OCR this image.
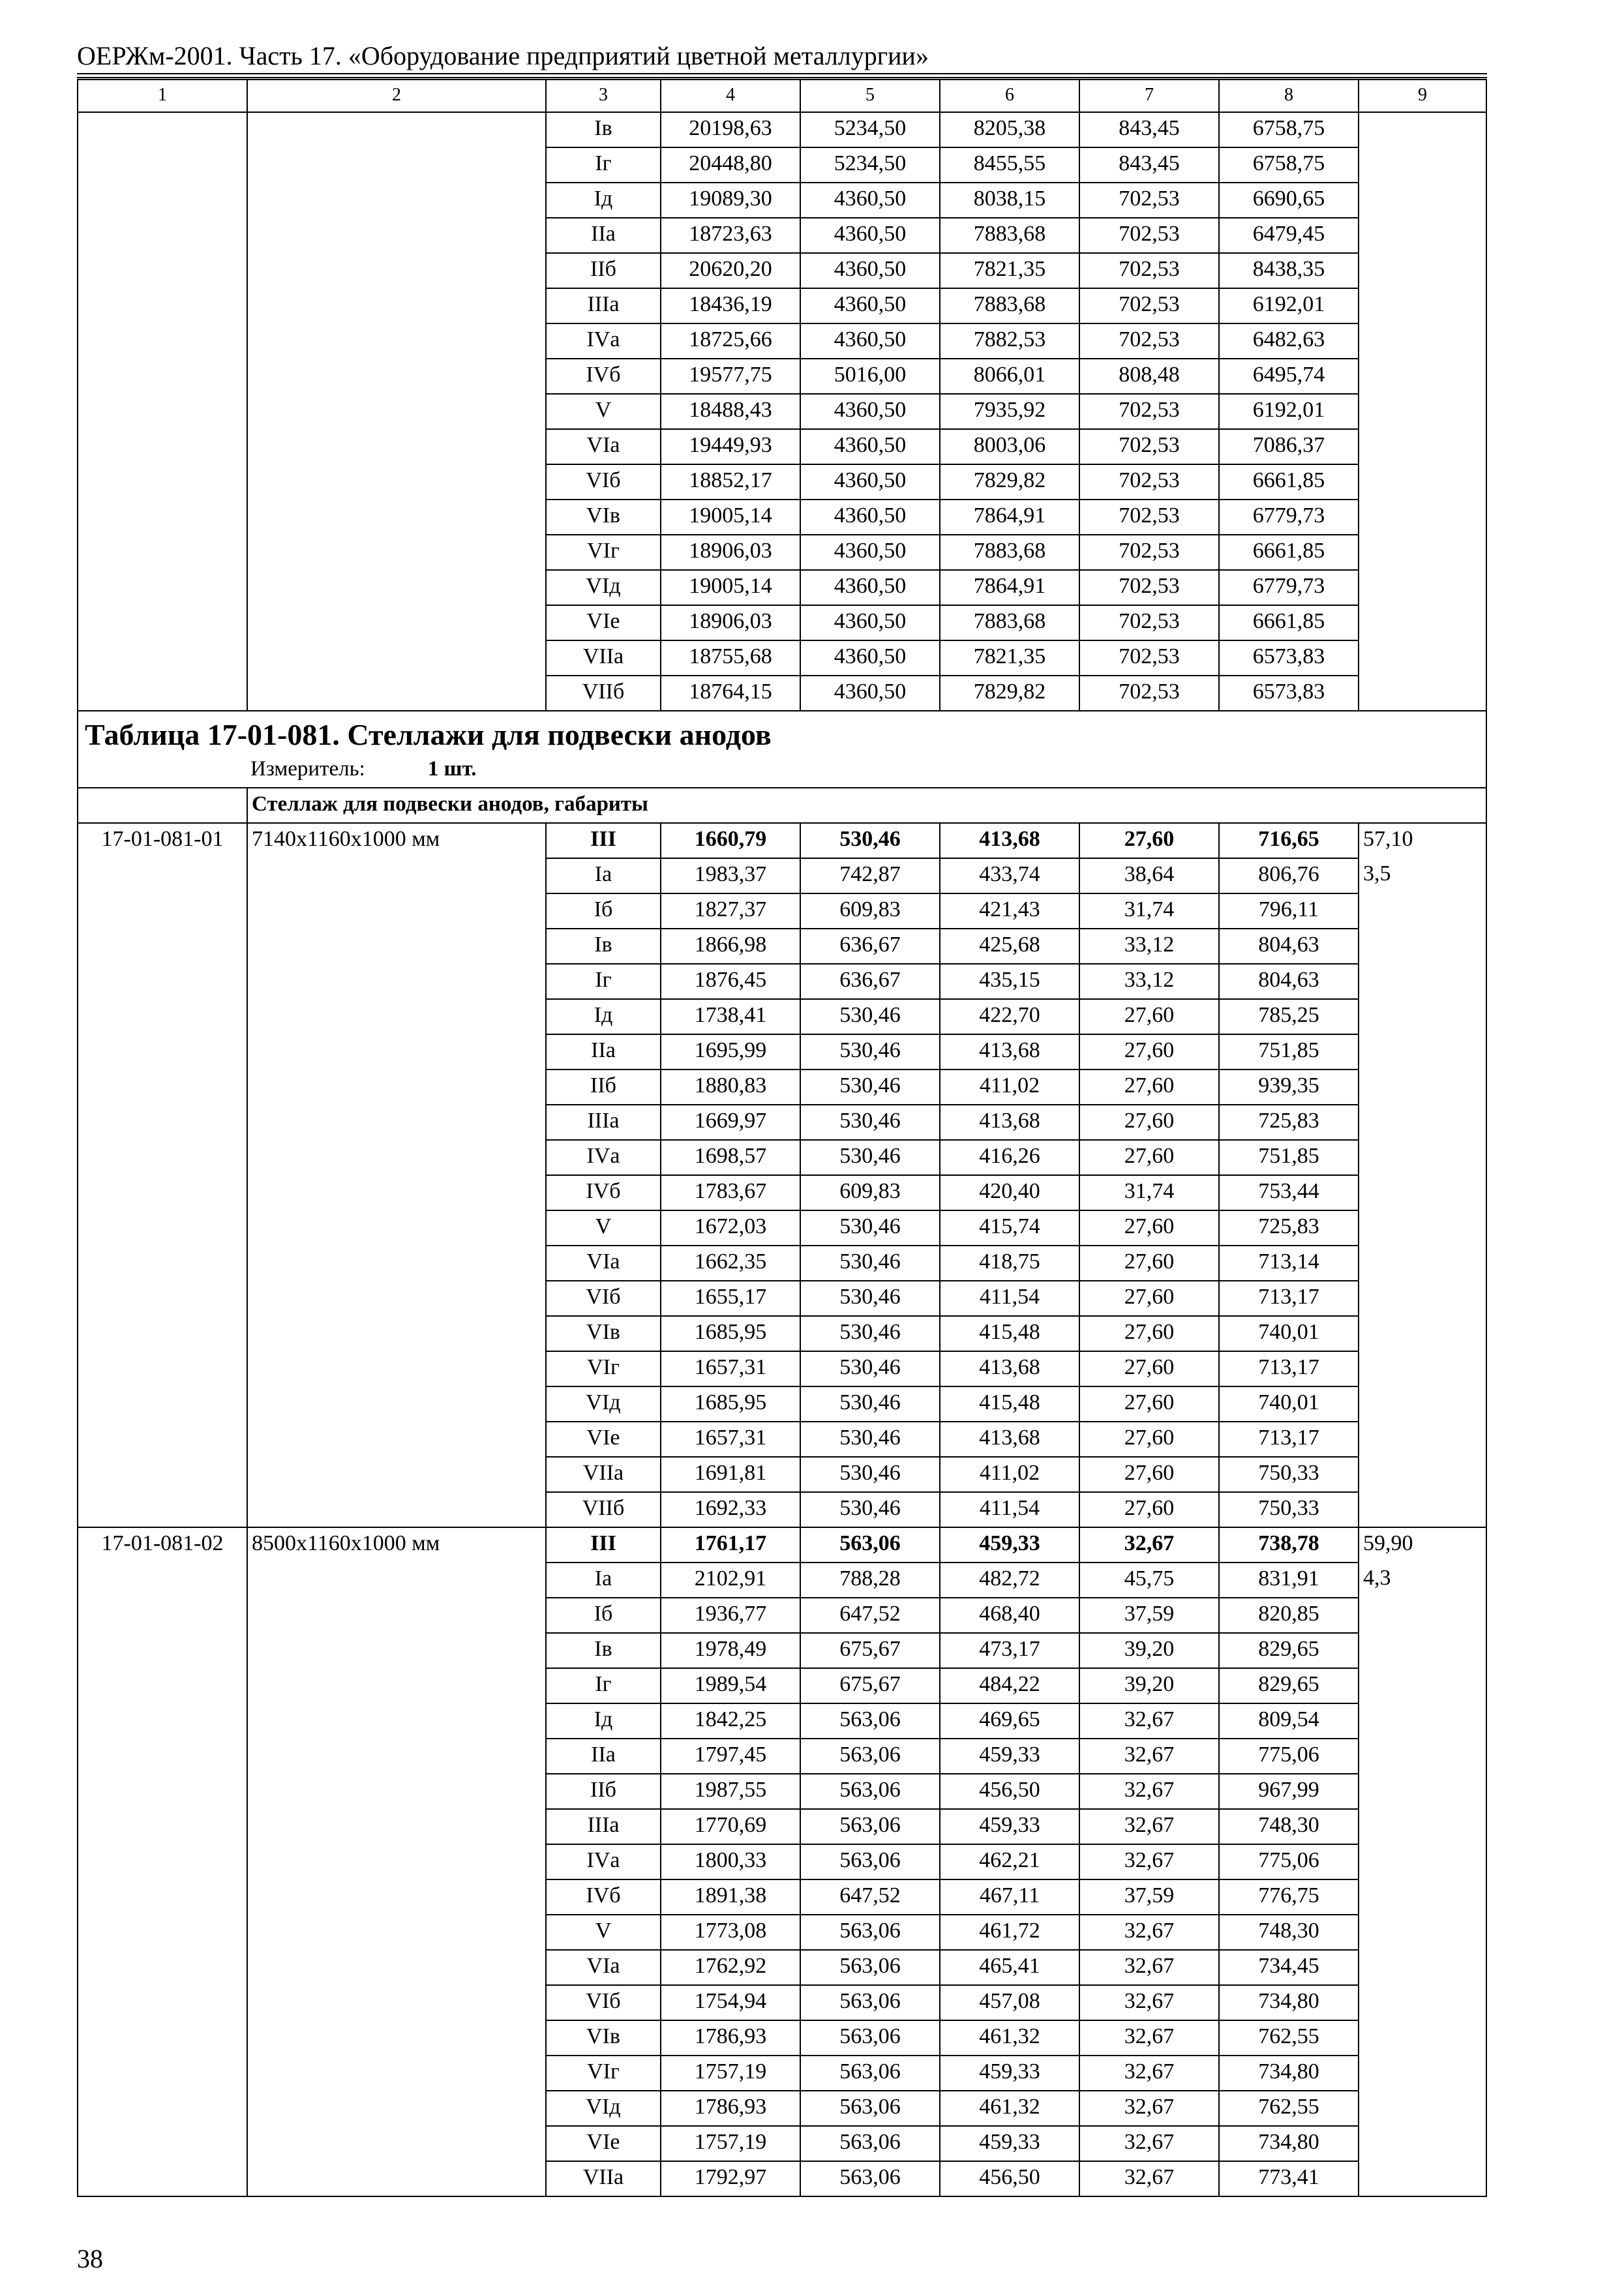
ОЕРЖм-2001. Часть 17. «Оборудование предприятий цветной металлургии»
1	2	3	4	5	6	7	8	9
		Iв	20198,63	5234,50	8205,38	843,45	6758,75	
		Iг	20448,80	5234,50	8455,55	843,45	6758,75	
		Iд	19089,30	4360,50	8038,15	702,53	6690,65	
		IIа	18723,63	4360,50	7883,68	702,53	6479,45	
		IIб	20620,20	4360,50	7821,35	702,53	8438,35	
		IIIа	18436,19	4360,50	7883,68	702,53	6192,01	
		IVа	18725,66	4360,50	7882,53	702,53	6482,63	
		IVб	19577,75	5016,00	8066,01	808,48	6495,74	
		V	18488,43	4360,50	7935,92	702,53	6192,01	
		VIа	19449,93	4360,50	8003,06	702,53	7086,37	
		VIб	18852,17	4360,50	7829,82	702,53	6661,85	
		VIв	19005,14	4360,50	7864,91	702,53	6779,73	
		VIг	18906,03	4360,50	7883,68	702,53	6661,85	
		VIд	19005,14	4360,50	7864,91	702,53	6779,73	
		VIе	18906,03	4360,50	7883,68	702,53	6661,85	
		VIIа	18755,68	4360,50	7821,35	702,53	6573,83	
		VIIб	18764,15	4360,50	7829,82	702,53	6573,83	

Таблица 17-01-081. Стеллажи для подвески анодов
Измеритель: 1 шт.								

	Стеллаж для подвески анодов, габариты							
17-01-081-01	7140х1160х1000 мм	III	1660,79	530,46	413,68	27,60	716,65	57,10
		Iа	1983,37	742,87	433,74	38,64	806,76	3,5
		Iб	1827,37	609,83	421,43	31,74	796,11	
		Iв	1866,98	636,67	425,68	33,12	804,63	
		Iг	1876,45	636,67	435,15	33,12	804,63	
		Iд	1738,41	530,46	422,70	27,60	785,25	
		IIа	1695,99	530,46	413,68	27,60	751,85	
		IIб	1880,83	530,46	411,02	27,60	939,35	
		IIIа	1669,97	530,46	413,68	27,60	725,83	
		IVа	1698,57	530,46	416,26	27,60	751,85	
		IVб	1783,67	609,83	420,40	31,74	753,44	
		V	1672,03	530,46	415,74	27,60	725,83	
		VIа	1662,35	530,46	418,75	27,60	713,14	
		VIб	1655,17	530,46	411,54	27,60	713,17	
		VIв	1685,95	530,46	415,48	27,60	740,01	
		VIг	1657,31	530,46	413,68	27,60	713,17	
		VIд	1685,95	530,46	415,48	27,60	740,01	
		VIе	1657,31	530,46	413,68	27,60	713,17	
		VIIа	1691,81	530,46	411,02	27,60	750,33	
		VIIб	1692,33	530,46	411,54	27,60	750,33	
17-01-081-02	8500х1160х1000 мм	III	1761,17	563,06	459,33	32,67	738,78	59,90
		Iа	2102,91	788,28	482,72	45,75	831,91	4,3
		Iб	1936,77	647,52	468,40	37,59	820,85	
		Iв	1978,49	675,67	473,17	39,20	829,65	
		Iг	1989,54	675,67	484,22	39,20	829,65	
		Iд	1842,25	563,06	469,65	32,67	809,54	
		IIа	1797,45	563,06	459,33	32,67	775,06	
		IIб	1987,55	563,06	456,50	32,67	967,99	
		IIIа	1770,69	563,06	459,33	32,67	748,30	
		IVа	1800,33	563,06	462,21	32,67	775,06	
		IVб	1891,38	647,52	467,11	37,59	776,75	
		V	1773,08	563,06	461,72	32,67	748,30	
		VIа	1762,92	563,06	465,41	32,67	734,45	
		VIб	1754,94	563,06	457,08	32,67	734,80	
		VIв	1786,93	563,06	461,32	32,67	762,55	
		VIг	1757,19	563,06	459,33	32,67	734,80	
		VIд	1786,93	563,06	461,32	32,67	762,55	
		VIе	1757,19	563,06	459,33	32,67	734,80	
		VIIа	1792,97	563,06	456,50	32,67	773,41	
38
